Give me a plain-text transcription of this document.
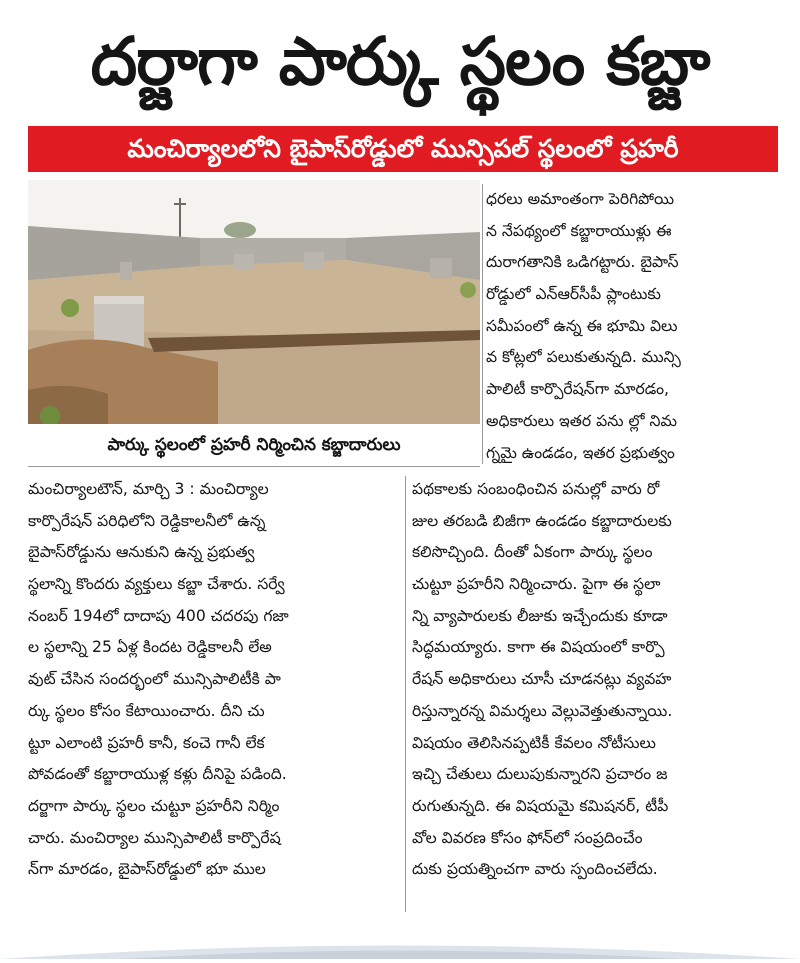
దర్జాగా పార్కు స్థలం కబ్జా
మంచిర్యాలలోని బైపాస్‌రోడ్డులో మున్సిపల్‌ స్థలంలో ప్రహరీ
పార్కు స్థలంలో ప్రహరీ నిర్మించిన కబ్జాదారులు
ధరలు అమాంతంగా పెరిగిపోయి
న నేపథ్యంలో కబ్జారాయుళ్లు ఈ
దురాగతానికి ఒడిగట్టారు. బైపాస్‌
రోడ్డులో ఎన్‌ఆర్‌సీపీ ప్లాంటుకు
సమీపంలో ఉన్న ఈ భూమి విలు
వ కోట్లలో పలుకుతున్నది. మున్సి
పాలిటీ కార్పొరేషన్‌గా మారడం,
అధికారులు ఇతర పను ల్లో నిమ
గ్నమై ఉండడం, ఇతర ప్రభుత్వం
మంచిర్యాలటౌన్‌, మార్చి 3 : మంచిర్యాల
కార్పొరేషన్‌ పరిధిలోని రెడ్డికాలనీలో ఉన్న
బైపాస్‌రోడ్డును ఆనుకుని ఉన్న ప్రభుత్వ
స్థలాన్ని కొందరు వ్యక్తులు కబ్జా చేశారు. సర్వే
నంబర్‌ 194లో దాదాపు 400 చదరపు గజా
ల స్థలాన్ని 25 ఏళ్ల కిందట రెడ్డికాలనీ లేఅ
వుట్‌ చేసిన సందర్భంలో మున్సిపాలిటీకి పా
ర్కు స్థలం కోసం కేటాయించారు. దీని చు
ట్టూ ఎలాంటి ప్రహరీ కానీ, కంచె గానీ లేక
పోవడంతో కబ్జారాయుళ్ల కళ్లు దీనిపై పడింది.
దర్జాగా పార్కు స్థలం చుట్టూ ప్రహరీని నిర్మిం
చారు. మంచిర్యాల మున్సిపాలిటీ కార్పొరేష
న్‌గా మారడం, బైపాస్‌రోడ్డులో భూ ముల
పథకాలకు సంబంధించిన పనుల్లో వారు రో
జుల తరబడి బిజీగా ఉండడం కబ్జాదారులకు
కలిసొచ్చింది. దీంతో ఏకంగా పార్కు స్థలం
చుట్టూ ప్రహరీని నిర్మించారు. పైగా ఈ స్థలా
న్ని వ్యాపారులకు లీజుకు ఇచ్చేందుకు కూడా
సిద్ధమయ్యారు. కాగా ఈ విషయంలో కార్పొ
రేషన్‌ అధికారులు చూసీ చూడనట్లు వ్యవహ
రిస్తున్నారన్న విమర్శలు వెల్లువెత్తుతున్నాయి.
విషయం తెలిసినప్పటికీ కేవలం నోటీసులు
ఇచ్చి చేతులు దులుపుకున్నారని ప్రచారం జ
రుగుతున్నది. ఈ విషయమై కమిషనర్‌, టీపీ
వోల వివరణ కోసం ఫోన్‌లో సంప్రదించేం
దుకు ప్రయత్నించగా వారు స్పందించలేదు.
